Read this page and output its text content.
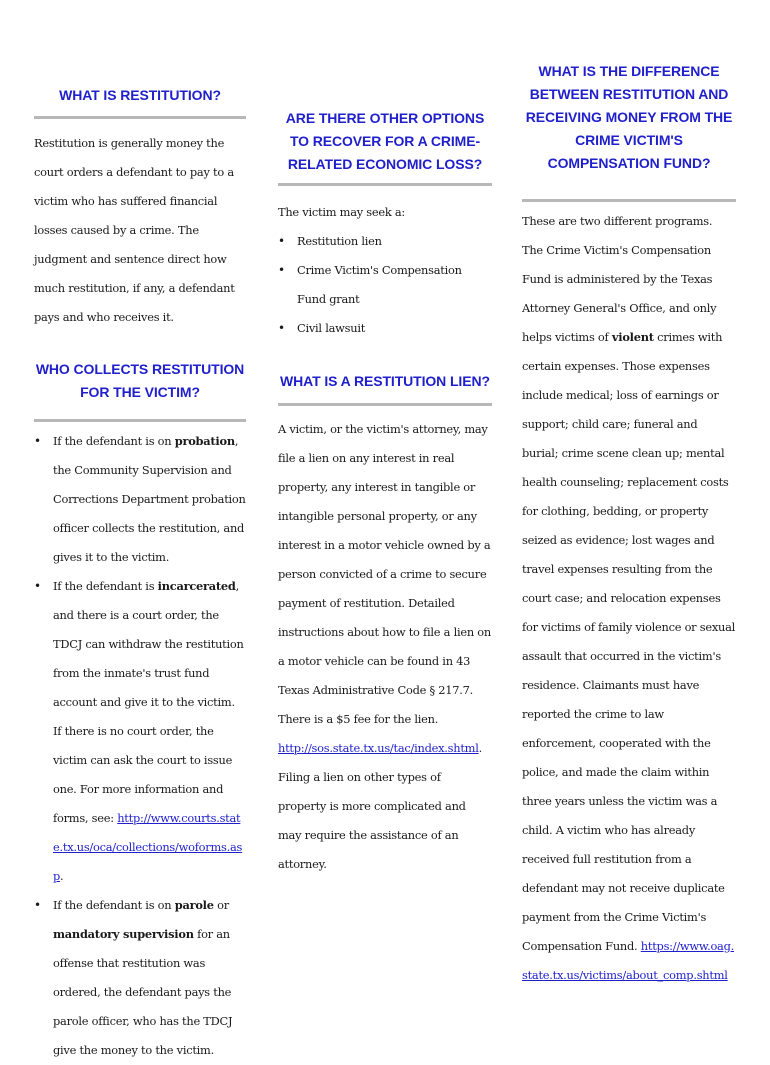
WHAT IS RESTITUTION?

Restitution is generally money the court orders a defendant to pay to a victim who has suffered financial losses caused by a crime. The judgment and sentence direct how much restitution, if any, a defendant pays and who receives it.

WHO COLLECTS RESTITUTION FOR THE VICTIM?
• If the defendant is on probation, the Community Supervision and Corrections Department probation officer collects the restitution, and gives it to the victim.
• If the defendant is incarcerated, and there is a court order, the TDCJ can withdraw the restitution from the inmate's trust fund account and give it to the victim. If there is no court order, the victim can ask the court to issue one. For more information and forms, see: http://www.courts.state.tx.us/oca/collections/woforms.asp.
• If the defendant is on parole or mandatory supervision for an offense that restitution was ordered, the defendant pays the parole officer, who has the TDCJ give the money to the victim.
ARE THERE OTHER OPTIONS TO RECOVER FOR A CRIME-RELATED ECONOMIC LOSS?

The victim may seek a:

• Restitution lien
• Crime Victim's Compensation Fund grant
• Civil lawsuit
WHAT IS A RESTITUTION LIEN?

A victim, or the victim's attorney, may file a lien on any interest in real property, any interest in tangible or intangible personal property, or any interest in a motor vehicle owned by a person convicted of a crime to secure payment of restitution. Detailed instructions about how to file a lien on a motor vehicle can be found in 43 Texas Administrative Code § 217.7. There is a $5 fee for the lien. http://sos.state.tx.us/tac/index.shtml. Filing a lien on other types of property is more complicated and may require the assistance of an attorney.

WHAT IS THE DIFFERENCE BETWEEN RESTITUTION AND RECEIVING MONEY FROM THE CRIME VICTIM'S COMPENSATION FUND?

These are two different programs. The Crime Victim's Compensation Fund is administered by the Texas Attorney General's Office, and only helps victims of violent crimes with certain expenses. Those expenses include medical; loss of earnings or support; child care; funeral and burial; crime scene clean up; mental health counseling; replacement costs for clothing, bedding, or property seized as evidence; lost wages and travel expenses resulting from the court case; and relocation expenses for victims of family violence or sexual assault that occurred in the victim's residence. Claimants must have reported the crime to law enforcement, cooperated with the police, and made the claim within three years unless the victim was a child. A victim who has already received full restitution from a defendant may not receive duplicate payment from the Crime Victim's Compensation Fund. https://www.oag.state.tx.us/victims/about_comp.shtml
